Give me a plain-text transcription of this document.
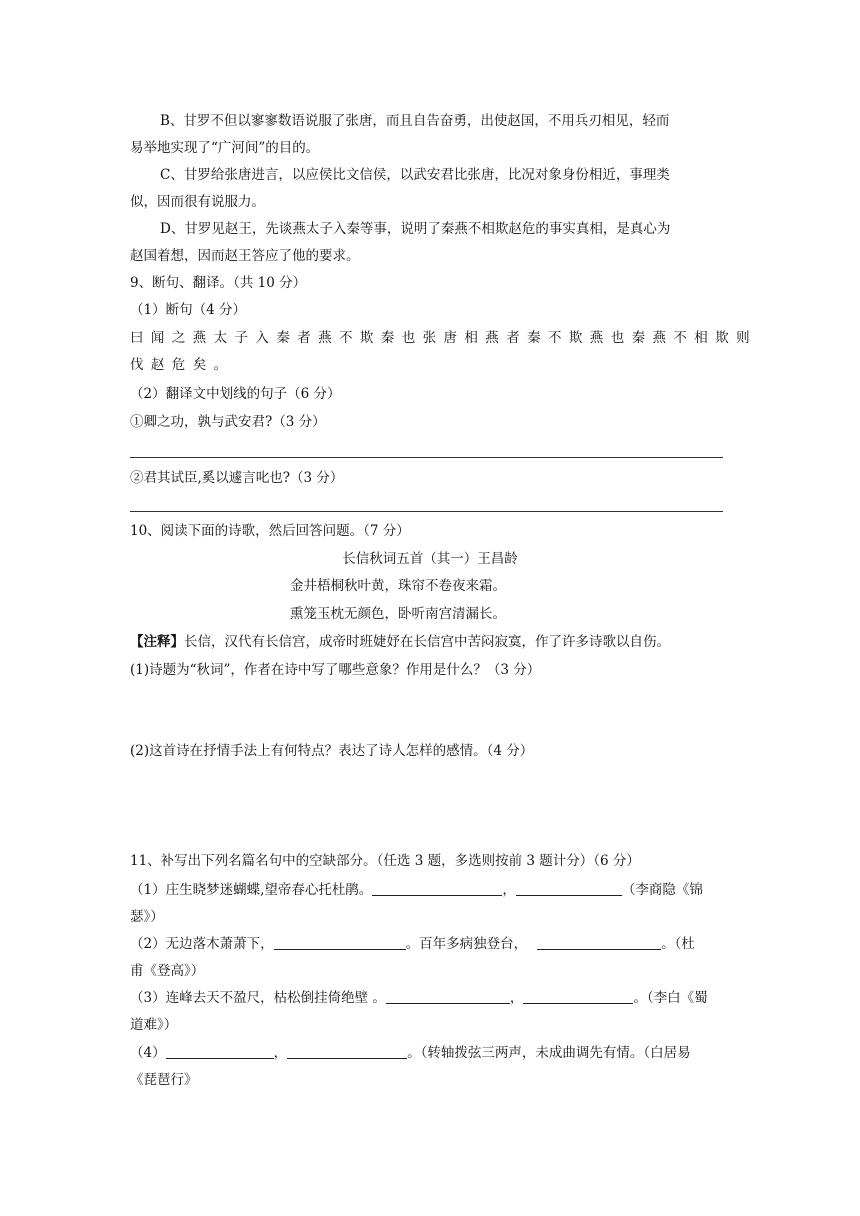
B、甘罗不但以寥寥数语说服了张唐，而且自告奋勇，出使赵国，不用兵刃相见，轻而
易举地实现了“广河间”的目的。
C、甘罗给张唐进言，以应侯比文信侯，以武安君比张唐，比况对象身份相近，事理类
似，因而很有说服力。
D、甘罗见赵王，先谈燕太子入秦等事，说明了秦燕不相欺赵危的事实真相，是真心为
赵国着想，因而赵王答应了他的要求。
9、断句、翻译。（共 10 分）
（1）断句（4 分）
曰闻之燕太子入秦者燕不欺秦也张唐相燕者秦不欺燕也秦燕不相欺则
伐赵危矣。
（2）翻译文中划线的句子（6 分）
①卿之功，孰与武安君?（3 分）
②君其试臣,奚以遽言叱也?（3 分）
10、阅读下面的诗歌，然后回答问题。（7 分）
长信秋词五首（其一）王昌龄
金井梧桐秋叶黄，珠帘不卷夜来霜。
熏笼玉枕无颜色，卧听南宫清漏长。
【注释】长信，汉代有长信宫，成帝时班婕妤在长信宫中苦闷寂寞，作了许多诗歌以自伤。
(1)诗题为“秋词”，作者在诗中写了哪些意象？作用是什么？（3 分）
(2)这首诗在抒情手法上有何特点？表达了诗人怎样的感情。（4 分）
11、补写出下列名篇名句中的空缺部分。（任选 3 题，多选则按前 3 题计分）（6 分）
（1）庄生晓梦迷蝴蝶,望帝春心托杜鹃。	，	（李商隐《锦
瑟》）
（2）无边落木萧萧下，	。百年多病独登台，	。（杜
甫《登高》）
（3）连峰去天不盈尺，枯松倒挂倚绝壁 。	，	。（李白《蜀
道难》）
（4）	，	。（转轴拨弦三两声，未成曲调先有情。（白居易
《琵琶行》
